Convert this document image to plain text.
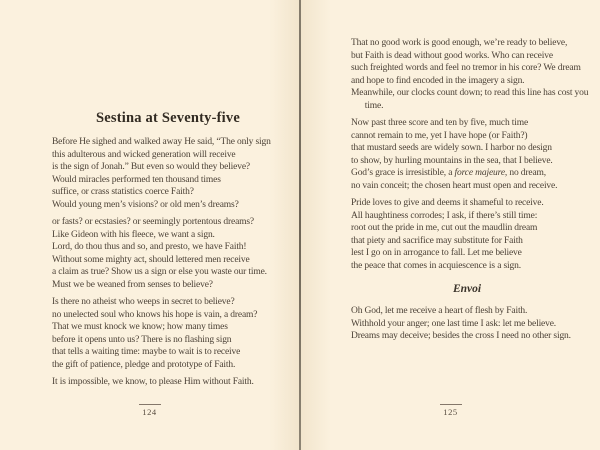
Sestina at Seventy-five
Before He sighed and walked away He said, “The only sign
this adulterous and wicked generation will receive
is the sign of Jonah.” But even so would they believe?
Would miracles performed ten thousand times
suffice, or crass statistics coerce Faith?
Would young men’s visions? or old men’s dreams?
or fasts? or ecstasies? or seemingly portentous dreams?
Like Gideon with his fleece, we want a sign.
Lord, do thou thus and so, and presto, we have Faith!
Without some mighty act, should lettered men receive
a claim as true? Show us a sign or else you waste our time.
Must we be weaned from senses to believe?
Is there no atheist who weeps in secret to believe?
no unelected soul who knows his hope is vain, a dream?
That we must knock we know; how many times
before it opens unto us? There is no flashing sign
that tells a waiting time: maybe to wait is to receive
the gift of patience, pledge and prototype of Faith.
It is impossible, we know, to please Him without Faith.
124
That no good work is good enough, we’re ready to believe,
but Faith is dead without good works. Who can receive
such freighted words and feel no tremor in his core? We dream
and hope to find encoded in the imagery a sign.
Meanwhile, our clocks count down; to read this line has cost you
   time.
Now past three score and ten by five, much time
cannot remain to me, yet I have hope (or Faith?)
that mustard seeds are widely sown. I harbor no design
to show, by hurling mountains in the sea, that I believe.
God’s grace is irresistible, a force majeure, no dream,
no vain conceit; the chosen heart must open and receive.
Pride loves to give and deems it shameful to receive.
All haughtiness corrodes; I ask, if there’s still time:
root out the pride in me, cut out the maudlin dream
that piety and sacrifice may substitute for Faith
lest I go on in arrogance to fall. Let me believe
the peace that comes in acquiescence is a sign.
Envoi
Oh God, let me receive a heart of flesh by Faith.
Withhold your anger; one last time I ask: let me believe.
Dreams may deceive; besides the cross I need no other sign.
125
